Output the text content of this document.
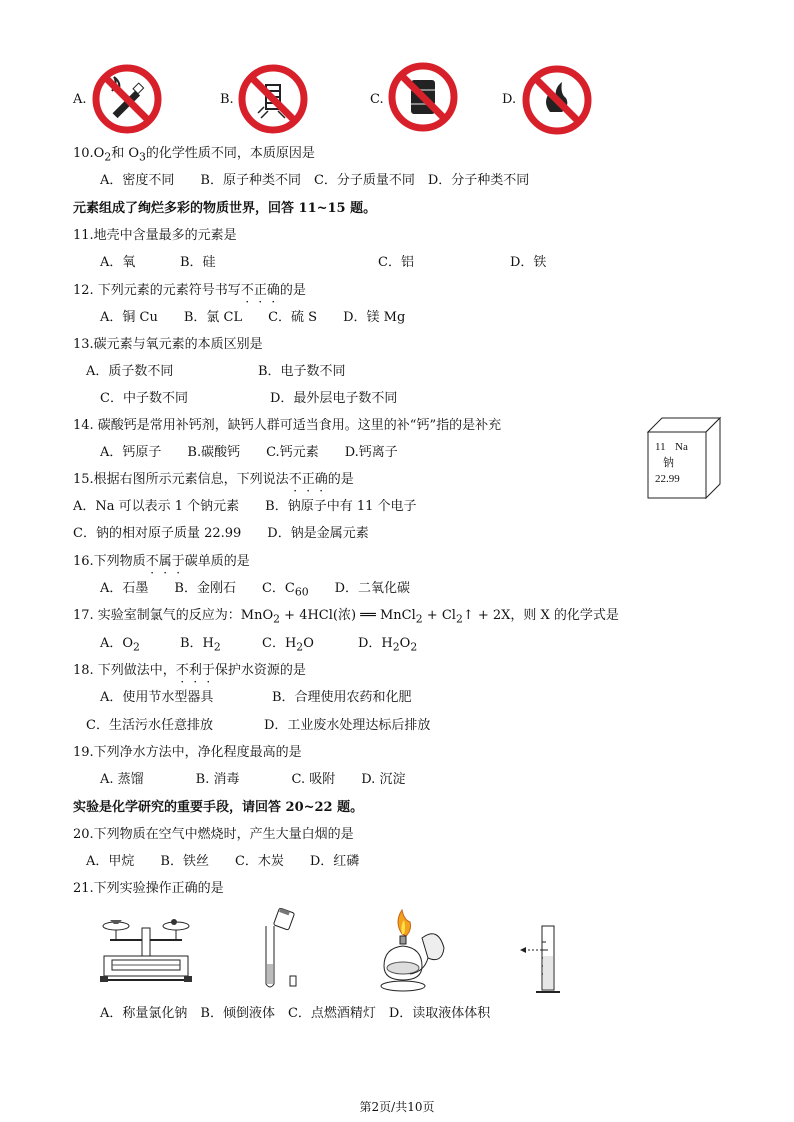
A.	B.	C.	D.
$10.O_2$和 $O_3$的化学性质不同，本质原因是
A．密度不同　　B．原子种类不同　C．分子质量不同　D．分子种类不同
元素组成了绚烂多彩的物质世界，回答 11~15 题。
11.地壳中含量最多的元素是
A．氧	B．硅	C．铝	D．铁
12. 下列元素的元素符号书写不正确的是
A．铜 Cu　　B．氯 CL　　C．硫 S　　D．镁 Mg
13.碳元素与氧元素的本质区别是
A．质子数不同	B．电子数不同
C．中子数不同	D．最外层电子数不同
14. 碳酸钙是常用补钙剂，缺钙人群可适当食用。这里的补“钙”指的是补充
A．钙原子　　B.碳酸钙　　C.钙元素　　D.钙离子	11 Na
钠
22.99
15.根据右图所示元素信息，下列说法不正确的是
A．Na 可以表示 1 个钠元素　　B．钠原子中有 11 个电子
C．钠的相对原子质量 22.99　　D．钠是金属元素
16.下列物质不属于碳单质的是
A．石墨　　B．金刚石　　C．$C_{60}$　　D．二氧化碳
17. 实验室制氯气的反应为：MnO$_2$ + 4HCl(浓) ══ MnCl$_2$ + $Cl_2↑ + 2X$，则 X 的化学式是
A．$O_2$	B．$H_2$	C．$H_2O$	D．$H_2O_2$
18. 下列做法中，不利于保护水资源的是
A．使用节水型器具	B．合理使用农药和化肥
C．生活污水任意排放	D．工业废水处理达标后排放
19.下列净水方法中，净化程度最高的是
A. 蒸馏　　　　B. 消毒　　　　C. 吸附　　D. 沉淀
实验是化学研究的重要手段，请回答 20~22 题。
20.下列物质在空气中燃烧时，产生大量白烟的是
A．甲烷　　B．铁丝　　C．木炭　　D．红磷
21.下列实验操作正确的是
A．称量氯化钠　B．倾倒液体　C．点燃酒精灯　D．读取液体体积
第2页/共10页
